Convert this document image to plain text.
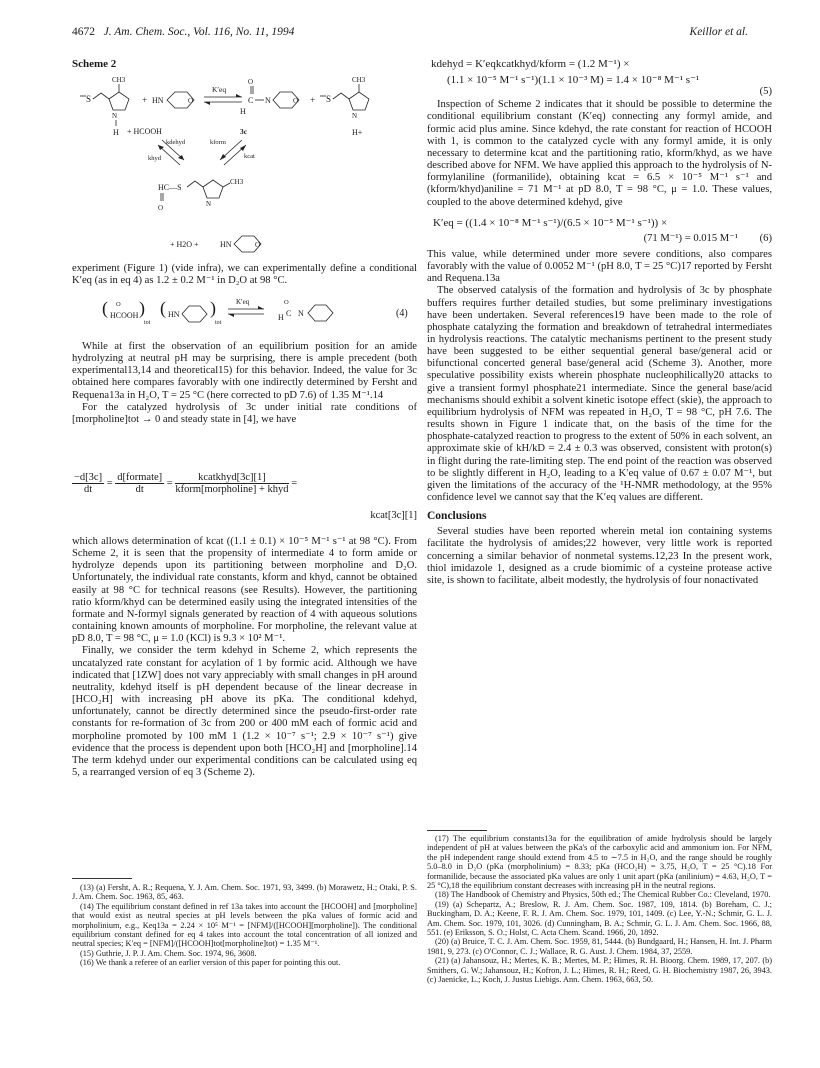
4672 J. Am. Chem. Soc., Vol. 116, No. 11, 1994	Keillor et al.
Scheme 2
S
CH3
N
H
+
+ HCOOH
HN	O
K′eq
O
C N
H
O + S
CH3
N
H+
3c
kdehyd
khyd
kform
kcat
HC—S
O
CH3
N
+ H2O +	HN	O

experiment (Figure 1) (vide infra), we can experimentally define a conditional K′eq (as in eq 4) as 1.2 ± 0.2 M⁻¹ in D₂O at 98 °C.

( O
HCOOH )
tot
( HN )
tot
K′eq	O
H C N	(4)

While at first the observation of an equilibrium position for an amide hydrolyzing at neutral pH may be surprising, there is ample precedent (both experimental13,14 and theoretical15) for this behavior. Indeed, the value for 3c obtained here compares favorably with one indirectly determined by Fersht and Requena13a in H₂O, T = 25 °C (here corrected to pD 7.6) of 1.35 M⁻¹.14

For the catalyzed hydrolysis of 3c under initial rate conditions of [morpholine]tot → 0 and steady state in [4], we have

$\frac{-d[3c]}{dt} = \frac{\text{d[formate]}}{dt} = \frac{\text{kcatkhyd[3c][1]}}{\text{kform[morpholine] + khyd}}$ =
kcat[3c][1]

which allows determination of kcat ((1.1 ± 0.1) × 10⁻⁵ M⁻¹ s⁻¹ at 98 °C). From Scheme 2, it is seen that the propensity of intermediate 4 to form amide or hydrolyze depends upon its partitioning between morpholine and D₂O. Unfortunately, the individual rate constants, kform and khyd, cannot be obtained easily at 98 °C for technical reasons (see Results). However, the partitioning ratio kform/khyd can be determined easily using the integrated intensities of the formate and N-formyl signals generated by reaction of 4 with aqueous solutions containing known amounts of morpholine. For morpholine, the relevant value at pD 8.0, T = 98 °C, μ = 1.0 (KCl) is 9.3 × 10² M⁻¹.

Finally, we consider the term kdehyd in Scheme 2, which represents the uncatalyzed rate constant for acylation of 1 by formic acid. Although we have indicated that [1ZW] does not vary appreciably with small changes in pH around neutrality, kdehyd itself is pH dependent because of the linear decrease in [HCO₂H] with increasing pH above its pKa. The conditional kdehyd, unfortunately, cannot be directly determined since the pseudo-first-order rate constants for re-formation of 3c from 200 or 400 mM each of formic acid and morpholine promoted by 100 mM 1 (1.2 × 10⁻⁷ s⁻¹; 2.9 × 10⁻⁷ s⁻¹) give evidence that the process is dependent upon both [HCO₂H] and [morpholine].14 The term kdehyd under our experimental conditions can be calculated using eq 5, a rearranged version of eq 3 (Scheme 2).

(13) (a) Fersht, A. R.; Requena, Y. J. Am. Chem. Soc. 1971, 93, 3499. (b) Morawetz, H.; Otaki, P. S. J. Am. Chem. Soc. 1963, 85, 463.

(14) The equilibrium constant defined in ref 13a takes into account the [HCOOH] and [morpholine] that would exist as neutral species at pH levels between the pKa values of formic acid and morpholinium, e.g., Keq13a = 2.24 × 10⁵ M⁻¹ = [NFM]/([HCOOH][morpholine]). The conditional equilibrium constant defined for eq 4 takes into account the total concentration of all ionized and neutral species; K′eq = [NFM]/([HCOOH]tot[morpholine]tot) = 1.35 M⁻¹.

(15) Guthrie, J. P. J. Am. Chem. Soc. 1974, 96, 3608.

(16) We thank a referee of an earlier version of this paper for pointing this out.

kdehyd = K′eqkcatkhyd/kform = (1.2 M⁻¹) ×
(1.1 × 10⁻⁵ M⁻¹ s⁻¹)(1.1 × 10⁻³ M) = 1.4 × 10⁻⁸ M⁻¹ s⁻¹
(5)

Inspection of Scheme 2 indicates that it should be possible to determine the conditional equilibrium constant (K′eq) connecting any formyl amide, and formic acid plus amine. Since kdehyd, the rate constant for reaction of HCOOH with 1, is common to the catalyzed cycle with any formyl amide, it is only necessary to determine kcat and the partitioning ratio, kform/khyd, as we have described above for NFM. We have applied this approach to the hydrolysis of N-formylaniline (formanilide), obtaining kcat = 6.5 × 10⁻⁵ M⁻¹ s⁻¹ and (kform/khyd)aniline = 71 M⁻¹ at pD 8.0, T = 98 °C, μ = 1.0. These values, coupled to the above determined kdehyd, give

K′eq = ((1.4 × 10⁻⁸ M⁻¹ s⁻¹)/(6.5 × 10⁻⁵ M⁻¹ s⁻¹)) ×
(71 M⁻¹) = 0.015 M⁻¹ (6)

This value, while determined under more severe conditions, also compares favorably with the value of 0.0052 M⁻¹ (pH 8.0, T = 25 °C)17 reported by Fersht and Requena.13a

The observed catalysis of the formation and hydrolysis of 3c by phosphate buffers requires further detailed studies, but some preliminary investigations have been undertaken. Several references19 have been made to the role of phosphate catalyzing the formation and breakdown of tetrahedral intermediates in hydrolysis reactions. The catalytic mechanisms pertinent to the present study have been suggested to be either sequential general base/general acid or bifunctional concerted general base/general acid (Scheme 3). Another, more speculative possibility exists wherein phosphate nucleophilically20 attacks to give a transient formyl phosphate21 intermediate. Since the general base/acid mechanisms should exhibit a solvent kinetic isotope effect (skie), the approach to equilibrium hydrolysis of NFM was repeated in H₂O, T = 98 °C, pH 7.6. The results shown in Figure 1 indicate that, on the basis of the time for the phosphate-catalyzed reaction to progress to the extent of 50% in each solvent, an approximate skie of kH/kD = 2.4 ± 0.3 was observed, consistent with proton(s) in flight during the rate-limiting step. The end point of the reaction was observed to be slightly different in H₂O, leading to a K′eq value of 0.67 ± 0.07 M⁻¹, but given the limitations of the accuracy of the ¹H-NMR methodology, at the 95% confidence level we cannot say that the K′eq values are different.

Conclusions

Several studies have been reported wherein metal ion containing systems facilitate the hydrolysis of amides;22 however, very little work is reported concerning a similar behavior of nonmetal systems.12,23 In the present work, thiol imidazole 1, designed as a crude biomimic of a cysteine protease active site, is shown to facilitate, albeit modestly, the hydrolysis of four nonactivated

(17) The equilibrium constants13a for the equilibration of amide hydrolysis should be largely independent of pH at values between the pKa's of the carboxylic acid and ammonium ion. For NFM, the pH independent range should extend from 4.5 to ∼7.5 in H₂O, and the range should be roughly 5.0–8.0 in D₂O (pKa (morpholinium) = 8.33; pKa (HCO₂H) = 3.75, H₂O, T = 25 °C).18 For formanilide, because the associated pKa values are only 1 unit apart (pKa (anilinium) = 4.63, H₂O, T = 25 °C),18 the equilibrium constant decreases with increasing pH in the neutral regions.

(18) The Handbook of Chemistry and Physics, 50th ed.; The Chemical Rubber Co.: Cleveland, 1970.

(19) (a) Schepartz, A.; Breslow, R. J. Am. Chem. Soc. 1987, 109, 1814. (b) Boreham, C. J.; Buckingham, D. A.; Keene, F. R. J. Am. Chem. Soc. 1979, 101, 1409. (c) Lee, Y.-N.; Schmir, G. L. J. Am. Chem. Soc. 1979, 101, 3026. (d) Cunningham, B. A.; Schmir, G. L. J. Am. Chem. Soc. 1966, 88, 551. (e) Eriksson, S. O.; Holst, C. Acta Chem. Scand. 1966, 20, 1892.

(20) (a) Bruice, T. C. J. Am. Chem. Soc. 1959, 81, 5444. (b) Bundgaard, H.; Hansen, H. Int. J. Pharm 1981, 9, 273. (c) O'Connor, C. J.; Wallace, R. G. Aust. J. Chem. 1984, 37, 2559.

(21) (a) Jahansouz, H.; Mertes, K. B.; Mertes, M. P.; Himes, R. H. Bioorg. Chem. 1989, 17, 207. (b) Smithers, G. W.; Jahansouz, H.; Kofron, J. L.; Himes, R. H.; Reed, G. H. Biochemistry 1987, 26, 3943. (c) Jaenicke, L.; Koch, J. Justus Liebigs. Ann. Chem. 1963, 663, 50.
